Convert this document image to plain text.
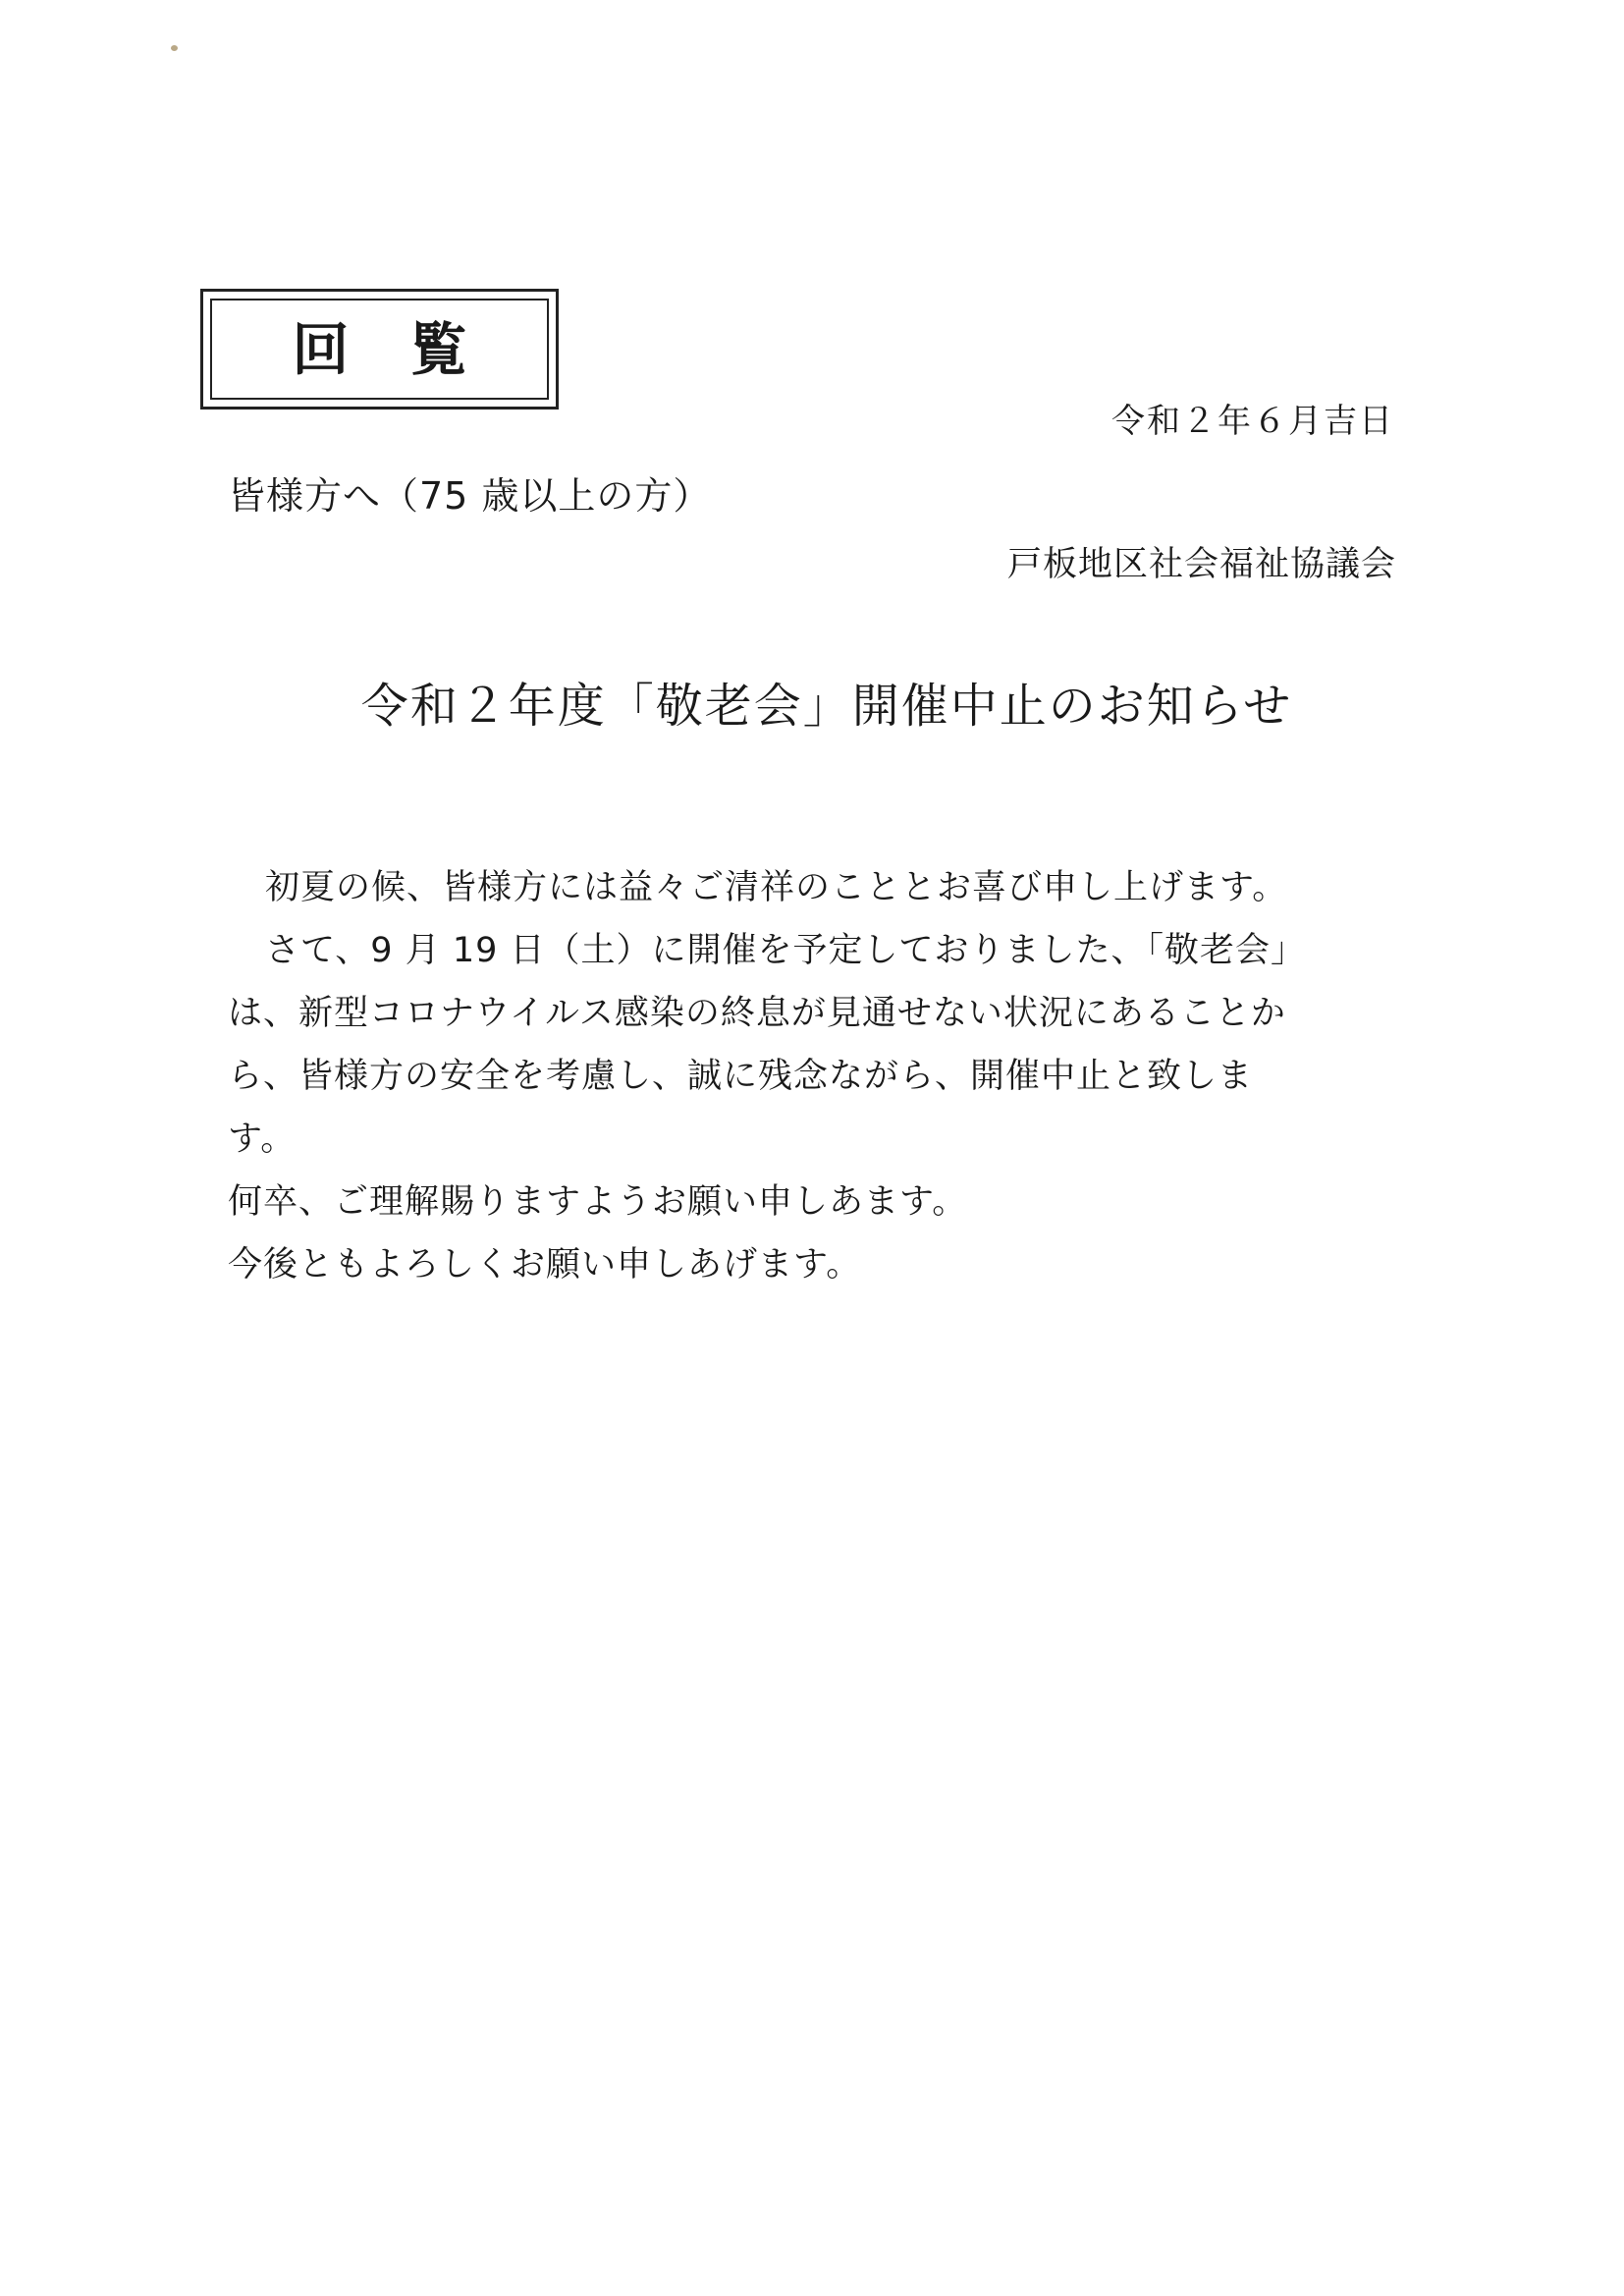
回覧
令和２年６月吉日
皆様方へ（75 歳以上の方）
戸板地区社会福祉協議会
令和２年度「敬老会」開催中止のお知らせ

初夏の候、皆様方には益々ご清祥のこととお喜び申し上げます。

さて、9 月 19 日（土）に開催を予定しておりました、「敬老会」

は、新型コロナウイルス感染の終息が見通せない状況にあることか

ら、皆様方の安全を考慮し、誠に残念ながら、開催中止と致しま

す。

何卒、ご理解賜りますようお願い申しあます。

今後ともよろしくお願い申しあげます。
